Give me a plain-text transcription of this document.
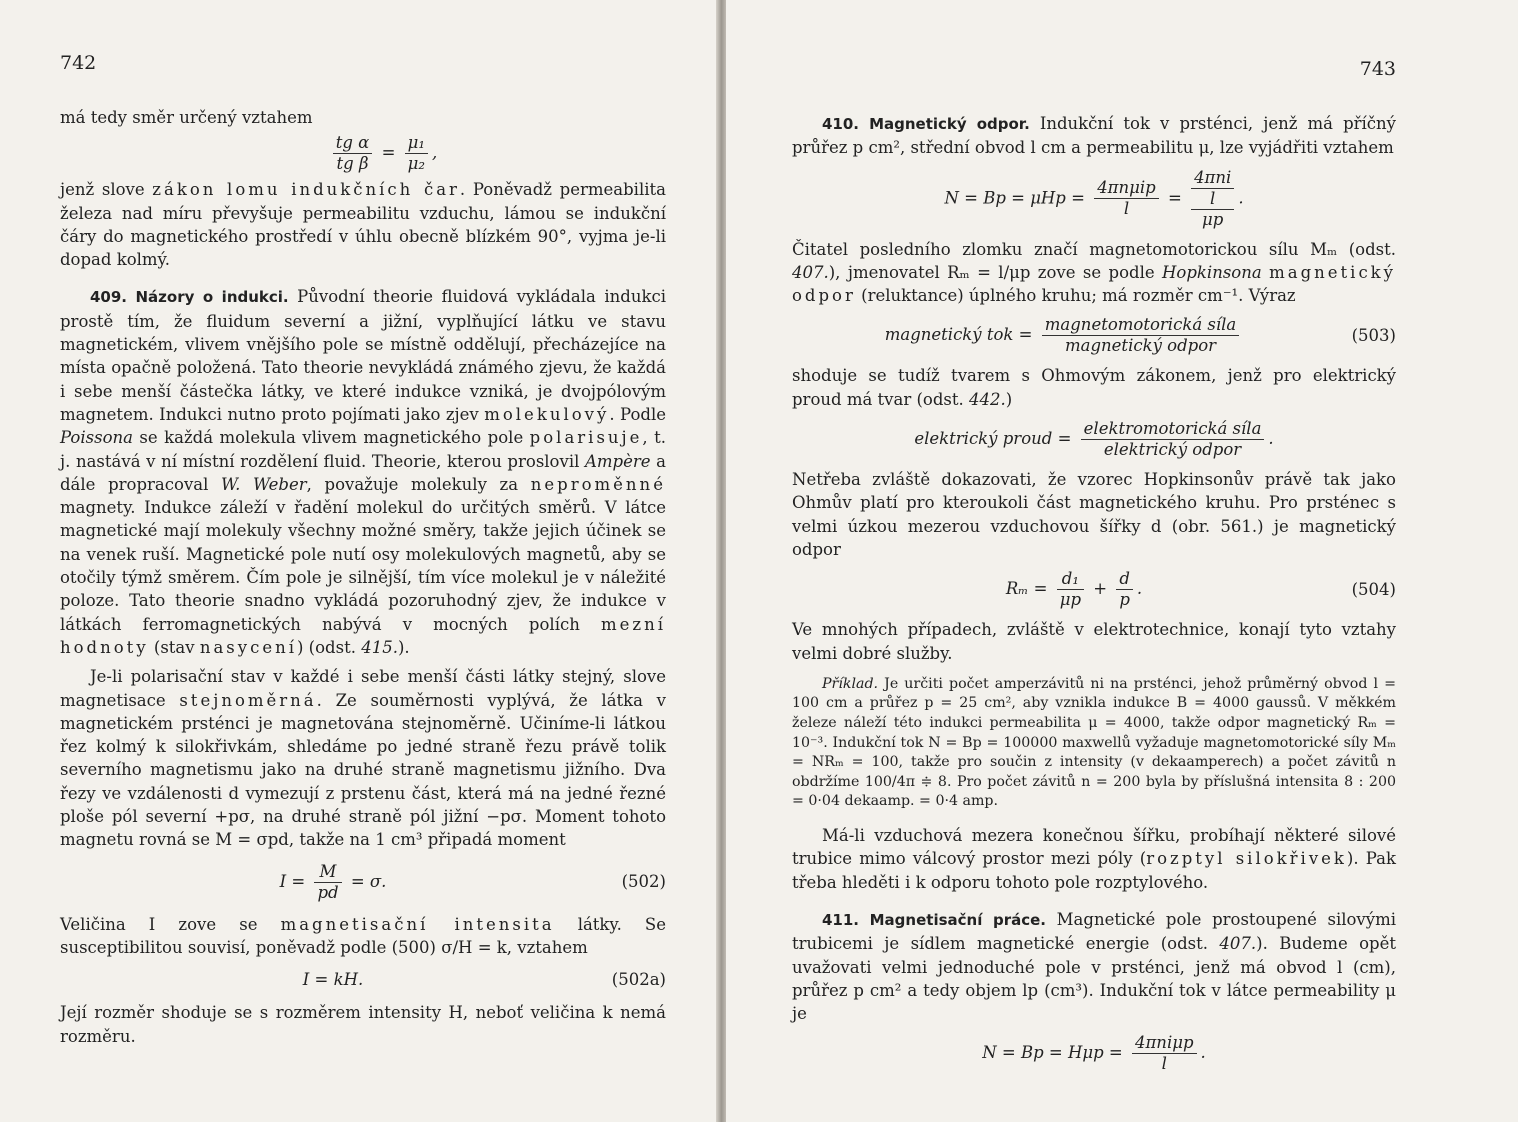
742

má tedy směr určený vztahem

$\frac{\text{tg α}}{\text{tg β}} = \frac{\text{μ₁}}{\text{μ₂}}$ ,

jenž slove zákon lomu indukčních čar. Poněvadž permeabilita železa nad míru převyšuje permeabilitu vzduchu, lámou se indukční čáry do magnetického prostředí v úhlu obecně blízkém 90°, vyjma je-li dopad kolmý.

409. Názory o indukci. Původní theorie fluidová vykládala indukci prostě tím, že fluidum severní a jižní, vyplňující látku ve stavu magnetickém, vlivem vnějšího pole se místně oddělují, přecházejíce na místa opačně položená. Tato theorie nevykládá známého zjevu, že každá i sebe menší částečka látky, ve které indukce vzniká, je dvojpólovým magnetem. Indukci nutno proto pojímati jako zjev molekulový. Podle Poissona se každá molekula vlivem magnetického pole polarisuje, t. j. nastává v ní místní rozdělení fluid. Theorie, kterou proslovil Ampère a dále propracoval W. Weber, považuje molekuly za neproměnné magnety. Indukce záleží v řadění molekul do určitých směrů. V látce magnetické mají molekuly všechny možné směry, takže jejich účinek se na venek ruší. Magnetické pole nutí osy molekulových magnetů, aby se otočily týmž směrem. Čím pole je silnější, tím více molekul je v náležité poloze. Tato theorie snadno vykládá pozoruhodný zjev, že indukce v látkách ferromagnetických nabývá v mocných polích mezní hodnoty (stav nasycení) (odst. 415.).

Je-li polarisační stav v každé i sebe menší části látky stejný, slove magnetisace stejnoměrná. Ze souměrnosti vyplývá, že látka v magnetickém prsténci je magnetována stejnoměrně. Učiníme-li látkou řez kolmý k silokřivkám, shledáme po jedné straně řezu právě tolik severního magnetismu jako na druhé straně magnetismu jižního. Dva řezy ve vzdálenosti d vymezují z prstenu část, která má na jedné řezné ploše pól severní +pσ, na druhé straně pól jižní −pσ. Moment tohoto magnetu rovná se M = σpd, takže na 1 cm³ připadá moment

$I = \frac{M}{pd} = \sigma$.	(502)

Veličina I zove se magnetisační intensita látky. Se susceptibilitou souvisí, poněvadž podle (500) σ/H = k, vztahem

I = kH.	(502a)

Její rozměr shoduje se s rozměrem intensity H, neboť veličina k nemá rozměru.

743

410. Magnetický odpor. Indukční tok v prsténci, jenž má příčný průřez p cm², střední obvod l cm a permeabilitu μ, lze vyjádřiti vztahem

$N = Bp = \mu Hp = \frac{\text{4πnμip}}{l}$ =
4πni
l
μp
.

Čitatel posledního zlomku značí magnetomotorickou sílu Mₘ (odst. 407.), jmenovatel Rₘ = l/μp zove se podle Hopkinsona magnetický odpor (reluktance) úplného kruhu; má rozměr cm⁻¹. Výraz

magnetický tok = $\frac{\text{magnetomotorická síla}}{\text{magnetický odpor}}$	(503)

shoduje se tudíž tvarem s Ohmovým zákonem, jenž pro elektrický proud má tvar (odst. 442.)

elektrický proud = $\frac{\text{elektromotorická síla}}{\text{elektrický odpor}}$ .

Netřeba zvláště dokazovati, že vzorec Hopkinsonův právě tak jako Ohmův platí pro kteroukoli část magnetického kruhu. Pro prsténec s velmi úzkou mezerou vzduchovou šířky d (obr. 561.) je magnetický odpor

$R_m = \frac{\text{d₁}}{\mu p} + \frac{d}{p}$ .	(504)

Ve mnohých případech, zvláště v elektrotechnice, konají tyto vztahy velmi dobré služby.

Příklad. Je určiti počet amperzávitů ni na prsténci, jehož průměrný obvod l = 100 cm a průřez p = 25 cm², aby vznikla indukce B = 4000 gaussů. V měkkém železe náleží této indukci permeabilita μ = 4000, takže odpor magnetický Rₘ = 10⁻³. Indukční tok N = Bp = 100000 maxwellů vyžaduje magnetomotorické síly Mₘ = NRₘ = 100, takže pro součin z intensity (v dekaamperech) a počet závitů n obdržíme 100/4π ≑ 8. Pro počet závitů n = 200 byla by příslušná intensita 8 : 200 = 0·04 dekaamp. = 0·4 amp.

Má-li vzduchová mezera konečnou šířku, probíhají některé silové trubice mimo válcový prostor mezi póly (rozptyl silokřivek). Pak třeba hleděti i k odporu tohoto pole rozptylového.

411. Magnetisační práce. Magnetické pole prostoupené silovými trubicemi je sídlem magnetické energie (odst. 407.). Budeme opět uvažovati velmi jednoduché pole v prsténci, jenž má obvod l (cm), průřez p cm² a tedy objem lp (cm³). Indukční tok v látce permeability μ je

$N = Bp = H\mu p = \frac{\text{4πniμp}}{l}$ .
